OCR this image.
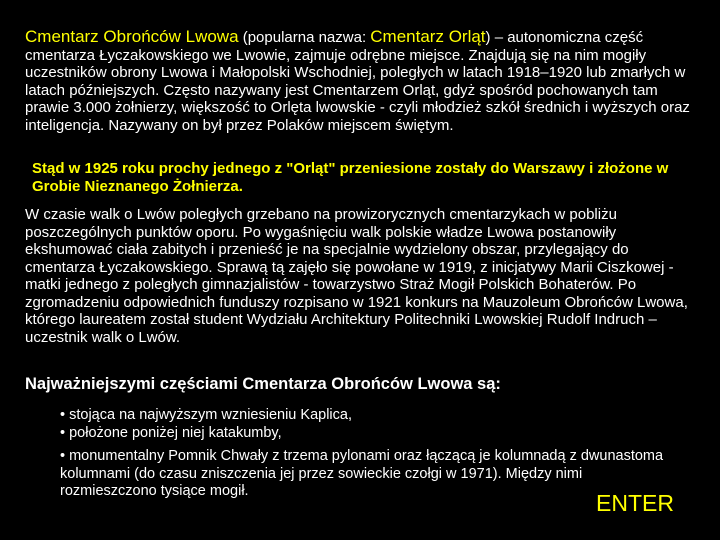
Cmentarz Obrońców Lwowa (popularna nazwa: Cmentarz Orląt) – autonomiczna część cmentarza Łyczakowskiego we Lwowie, zajmuje odrębne miejsce. Znajdują się na nim mogiły uczestników obrony Lwowa i Małopolski Wschodniej, poległych w latach 1918–1920 lub zmarłych w latach późniejszych. Często nazywany jest Cmentarzem Orląt, gdyż spośród pochowanych tam prawie 3.000 żołnierzy, większość to Orlęta lwowskie - czyli młodzież szkół średnich i wyższych oraz inteligencja. Nazywany on był przez Polaków miejscem świętym.

Stąd w 1925 roku prochy jednego z "Orląt" przeniesione zostały do Warszawy i złożone w Grobie Nieznanego Żołnierza.

W czasie walk o Lwów poległych grzebano na prowizorycznych cmentarzykach w pobliżu poszczególnych punktów oporu. Po wygaśnięciu walk polskie władze Lwowa postanowiły ekshumować ciała zabitych i przenieść je na specjalnie wydzielony obszar, przylegający do cmentarza Łyczakowskiego. Sprawą tą zajęło się powołane w 1919, z inicjatywy Marii Ciszkowej - matki jednego z poległych gimnazjalistów - towarzystwo Straż Mogił Polskich Bohaterów. Po zgromadzeniu odpowiednich funduszy rozpisano w 1921 konkurs na Mauzoleum Obrońców Lwowa, którego laureatem został student Wydziału Architektury Politechniki Lwowskiej Rudolf Indruch – uczestnik walk o Lwów.

Najważniejszymi częściami Cmentarza Obrońców Lwowa są:

• stojąca na najwyższym wzniesieniu Kaplica,
• położone poniżej niej katakumby,
• monumentalny Pomnik Chwały z trzema pylonami oraz łączącą je kolumnadą z dwunastoma kolumnami (do czasu zniszczenia jej przez sowieckie czołgi w 1971). Między nimi rozmieszczono tysiące mogił.	ENTER
